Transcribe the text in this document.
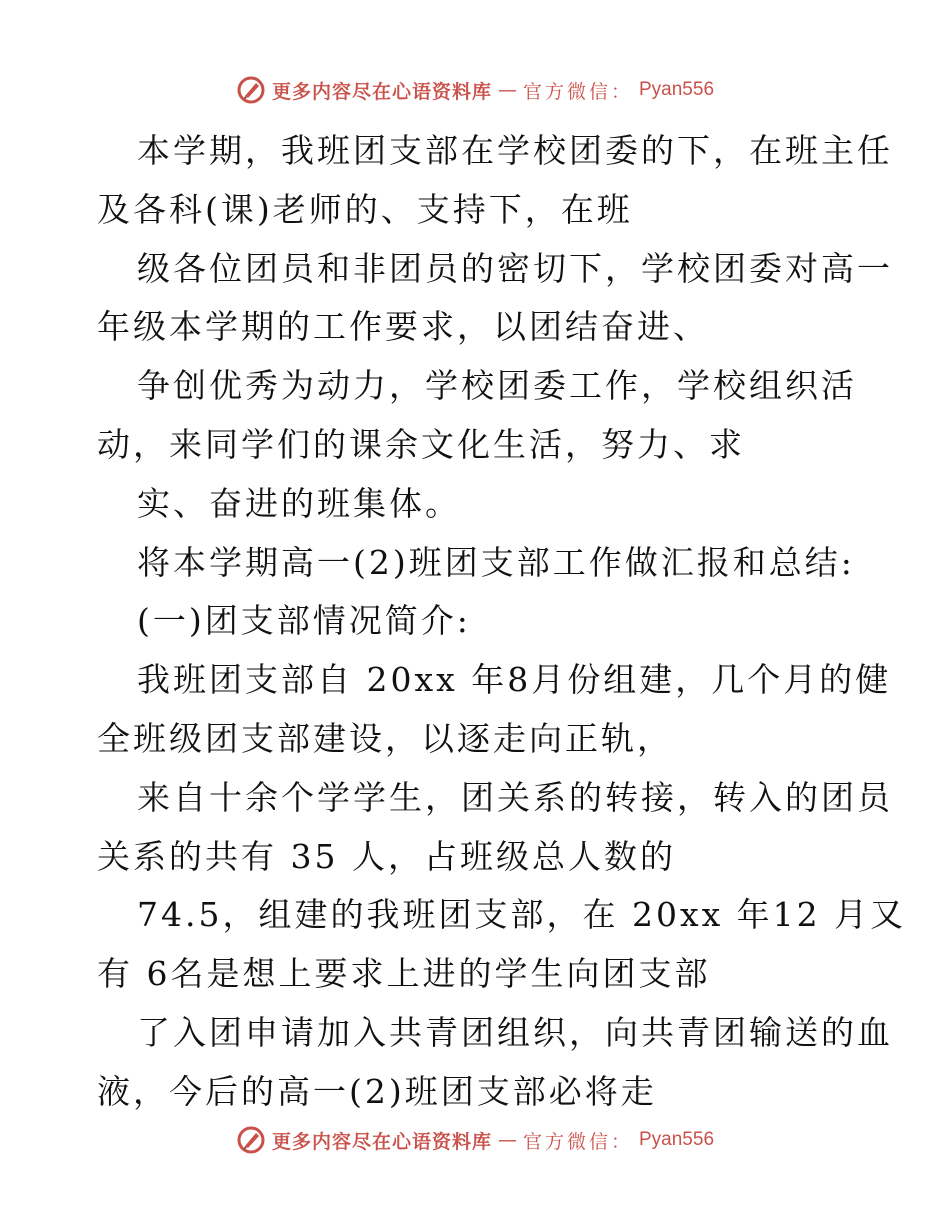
更多内容尽在心语资料库 — 官方微信： Pyan556
本学期，我班团支部在学校团委的下，在班主任
及各科(课)老师的、支持下，在班
级各位团员和非团员的密切下，学校团委对高一
年级本学期的工作要求，以团结奋进、
争创优秀为动力，学校团委工作，学校组织活
动，来同学们的课余文化生活，努力、求
实、奋进的班集体。
将本学期高一(2)班团支部工作做汇报和总结:
(一)团支部情况简介:
我班团支部自 20xx 年8月份组建，几个月的健
全班级团支部建设，以逐走向正轨，
来自十余个学学生，团关系的转接，转入的团员
关系的共有 35 人，占班级总人数的
74.5，组建的我班团支部，在 20xx 年12 月又
有 6名是想上要求上进的学生向团支部
了入团申请加入共青团组织，向共青团输送的血
液，今后的高一(2)班团支部必将走
更多内容尽在心语资料库 — 官方微信： Pyan556
